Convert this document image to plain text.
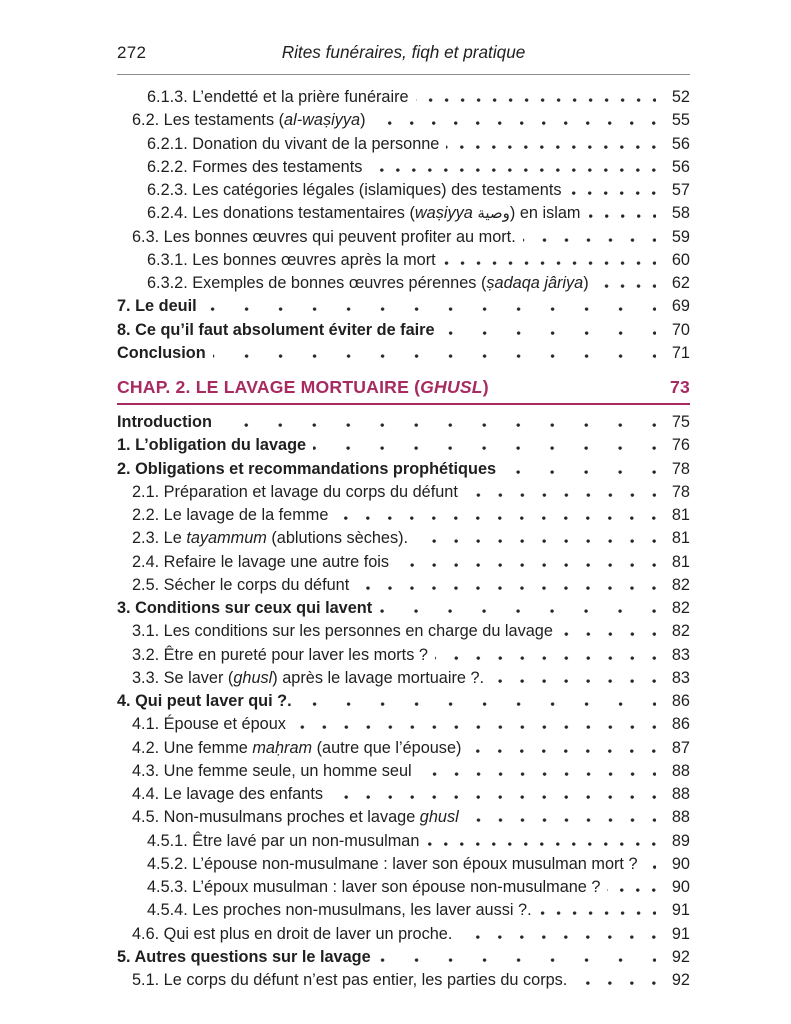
272	Rites funéraires, fiqh et pratique
6.1.3. L’endetté et la prière funéraire	52
6.2. Les testaments (al-waṣiyya)	55
6.2.1. Donation du vivant de la personne	56
6.2.2. Formes des testaments	56
6.2.3. Les catégories légales (islamiques) des testaments	57
6.2.4. Les donations testamentaires (waṣiyya وصية) en islam	58
6.3. Les bonnes œuvres qui peuvent profiter au mort.	59
6.3.1. Les bonnes œuvres après la mort	60
6.3.2. Exemples de bonnes œuvres pérennes (ṣadaqa jâriya)	62
7. Le deuil	69
8. Ce qu’il faut absolument éviter de faire	70
Conclusion	71
CHAP. 2. LE LAVAGE MORTUAIRE (GHUSL)	73
Introduction	75
1. L’obligation du lavage	76
2. Obligations et recommandations prophétiques	78
2.1. Préparation et lavage du corps du défunt	78
2.2. Le lavage de la femme	81
2.3. Le tayammum (ablutions sèches).	81
2.4. Refaire le lavage une autre fois	81
2.5. Sécher le corps du défunt	82
3. Conditions sur ceux qui lavent	82
3.1. Les conditions sur les personnes en charge du lavage	82
3.2. Être en pureté pour laver les morts ?	83
3.3. Se laver (ghusl) après le lavage mortuaire ?.	83
4. Qui peut laver qui ?.	86
4.1. Épouse et époux	86
4.2. Une femme maḥram (autre que l’épouse)	87
4.3. Une femme seule, un homme seul	88
4.4. Le lavage des enfants	88
4.5. Non-musulmans proches et lavage ghusl	88
4.5.1. Être lavé par un non-musulman	89
4.5.2. L’épouse non-musulmane : laver son époux musulman mort ?	90
4.5.3. L’époux musulman : laver son épouse non-musulmane ?	90
4.5.4. Les proches non-musulmans, les laver aussi ?.	91
4.6. Qui est plus en droit de laver un proche.	91
5. Autres questions sur le lavage	92
5.1. Le corps du défunt n’est pas entier, les parties du corps.	92
